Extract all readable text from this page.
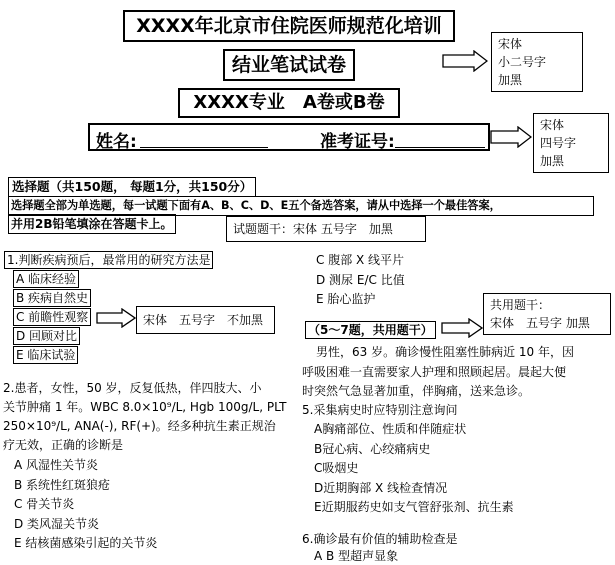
XXXX年北京市住院医师规范化培训
结业笔试试卷
XXXX专业　A卷或B卷
姓名:	准考证号:
宋体
小二号字
加黑
宋体
四号字
加黑
试题题干：宋体 五号字　加黑
宋体　五号字　不加黑
共用题干：
宋体　五号字 加黑
选择题（共150题， 每题1分，共150分）
选择题全部为单选题，每一试题下面有A、B、C、D、E五个备选答案，请从中选择一个最佳答案，
并用2B铅笔填涂在答题卡上。
1.判断疾病预后，最常用的研究方法是
A 临床经验
B 疾病自然史
C 前瞻性观察
D 回顾对比
E 临床试验
2.患者，女性，50 岁，反复低热，伴四肢大、小
关节肿痛 1 年。WBC 8.0×10⁹/L, Hgb 100g/L, PLT
250×10⁹/L, ANA(-), RF(+)。经多种抗生素正规治
疗无效，正确的诊断是
A 风湿性关节炎
B 系统性红斑狼疮
C 骨关节炎
D 类风湿关节炎
E 结核菌感染引起的关节炎
C 腹部 X 线平片
D 测尿 E/C 比值
E 胎心监护
（5～7题，共用题干）
男性，63 岁。确诊慢性阻塞性肺病近 10 年，因
呼吸困难一直需要家人护理和照顾起居。晨起大便
时突然气急显著加重，伴胸痛，送来急诊。
5.采集病史时应特别注意询问
A胸痛部位、性质和伴随症状
B冠心病、心绞痛病史
C吸烟史
D近期胸部 X 线检查情况
E近期服药史如支气管舒张剂、抗生素
6.确诊最有价值的辅助检查是
A B 型超声显象
